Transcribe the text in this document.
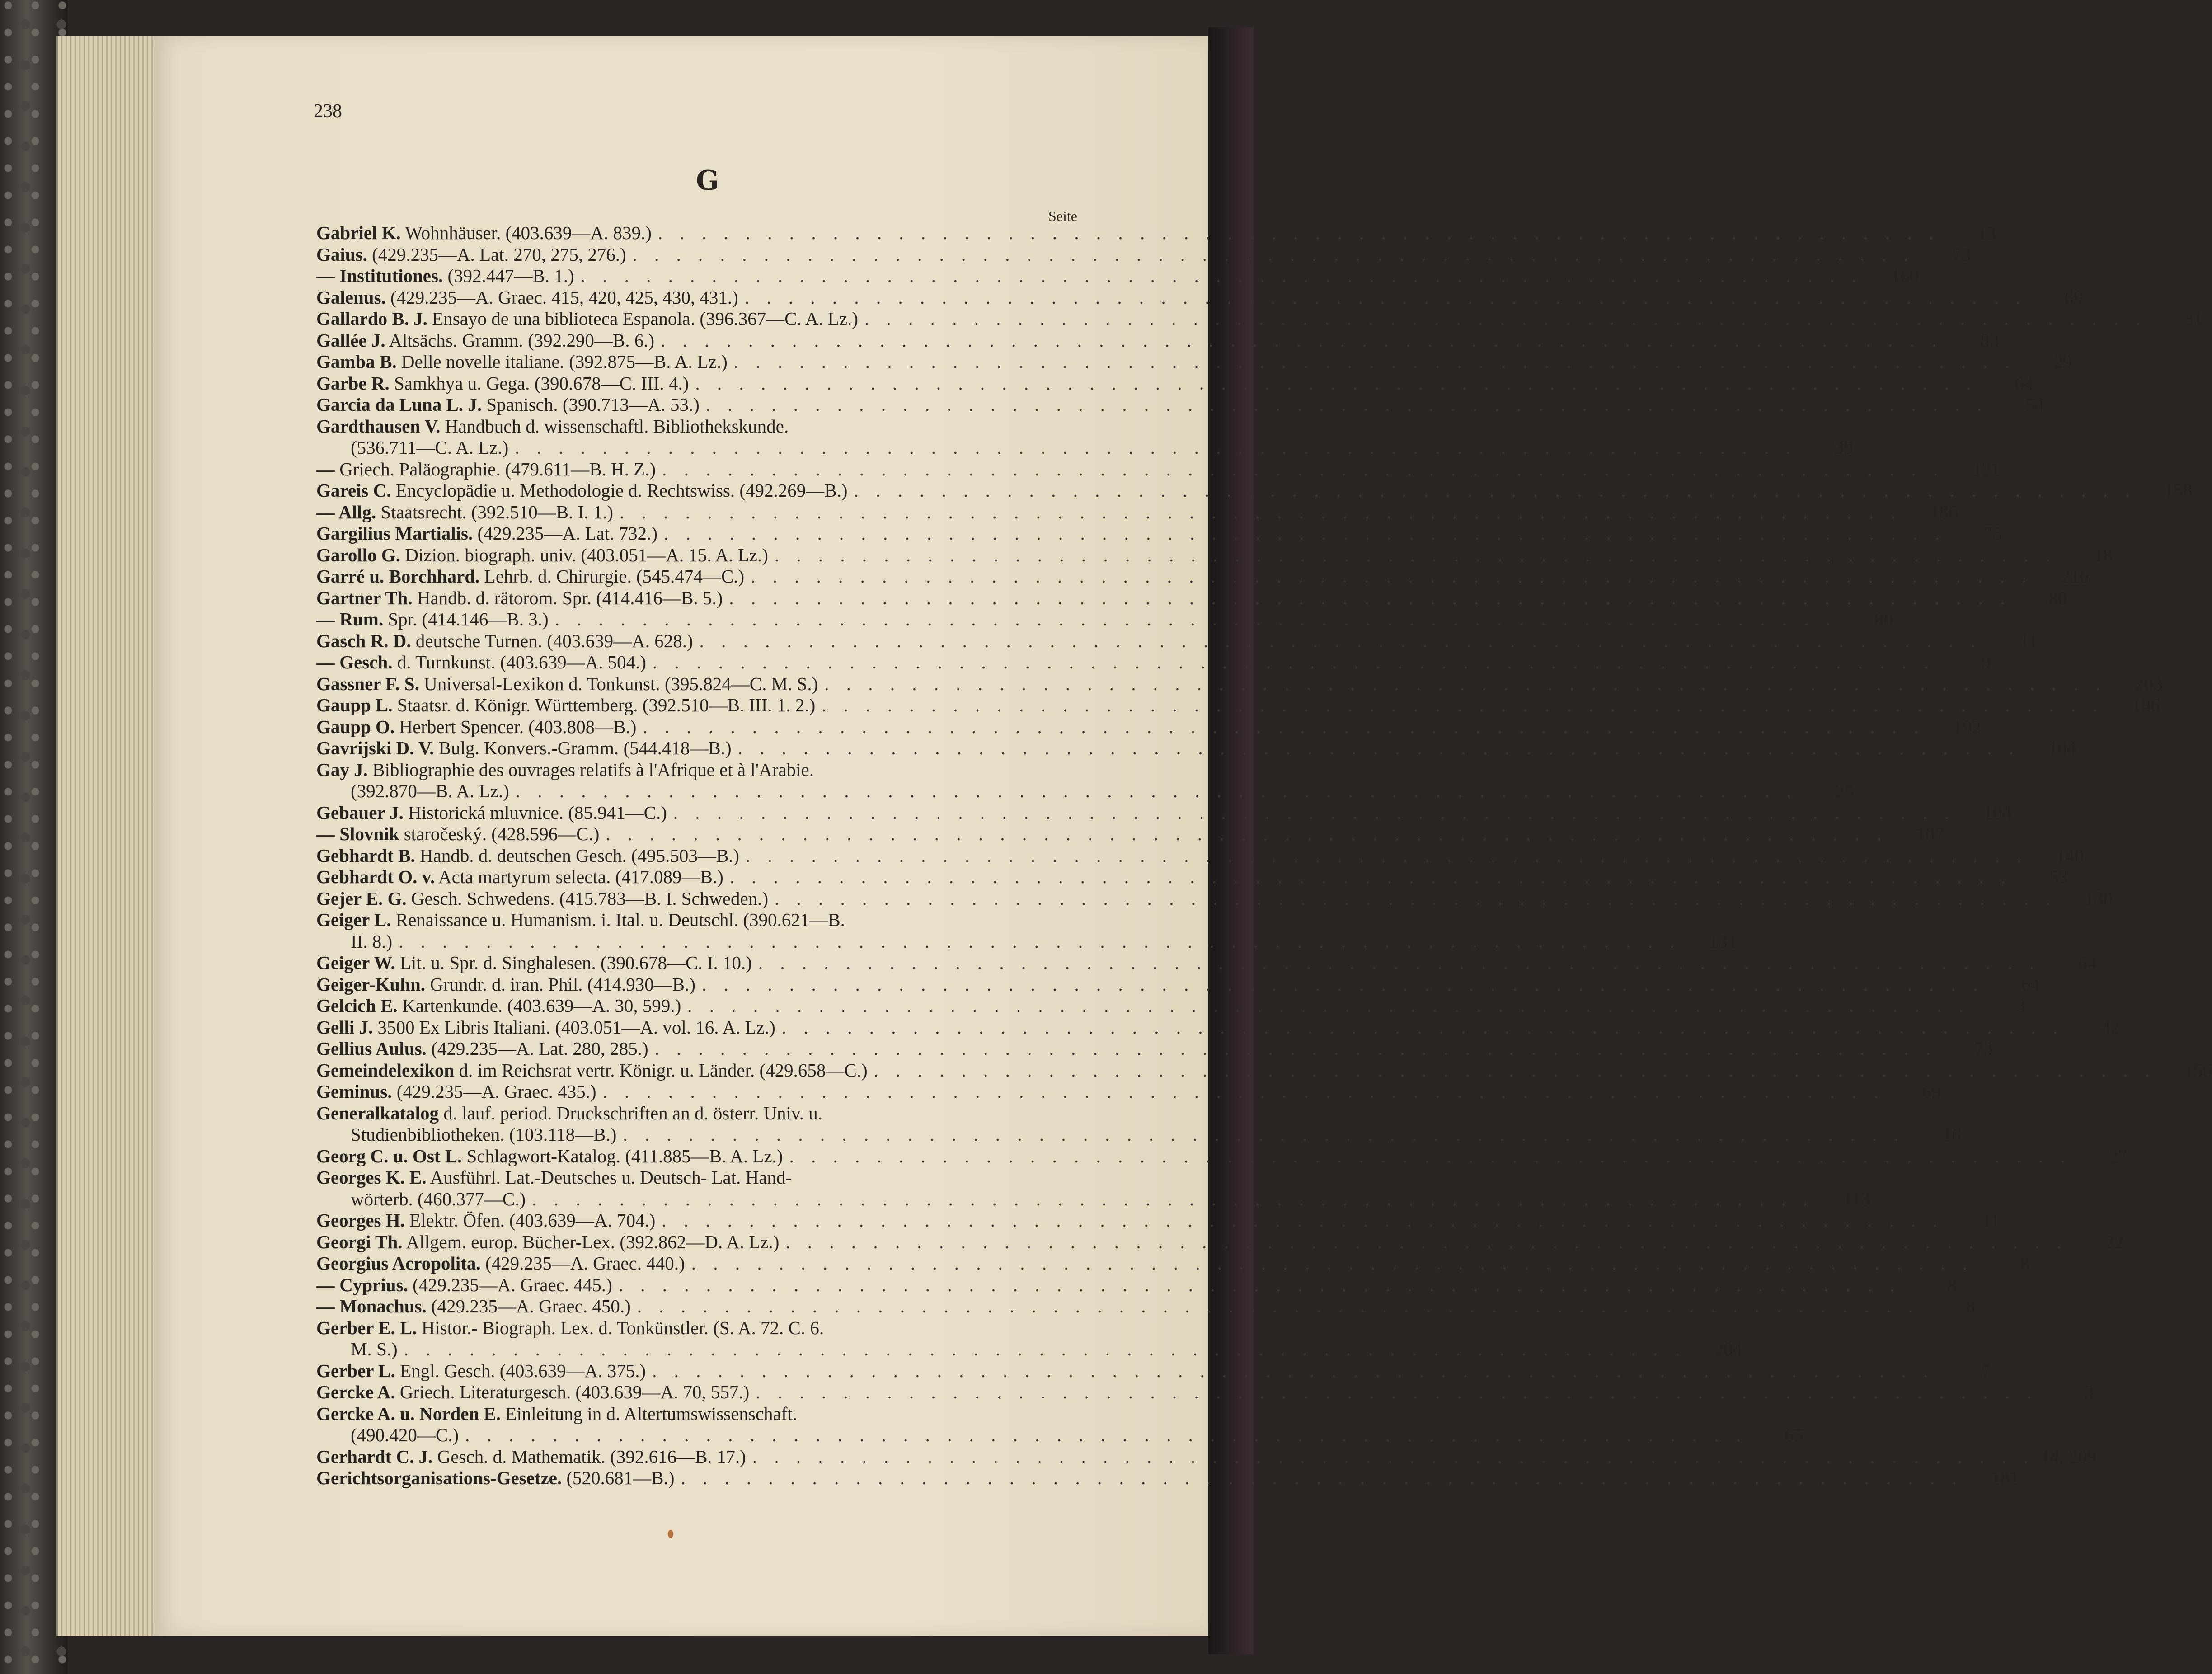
238
G
Seite
Gabriel K. Wohnhäuser. (403.639—A. 839.) . . .	13
Gaius. (429.235—A. Lat. 270, 275, 276.) . . .	73
— Institutiones. (392.447—B. 1.) . . .	160
Galenus. (429.235—A. Graec. 415, 420, 425, 430, 431.) . . .	69
Gallardo B. J. Ensayo de una biblioteca Espanola. (396.367—C. A. Lz.) . . .	31
Gallée J. Altsächs. Gramm. (392.290—B. 6.) . . .	83
Gamba B. Delle novelle italiane. (392.875—B. A. Lz.) . . .	29
Garbe R. Samkhya u. Gega. (390.678—C. III. 4.) . . .	64
Garcia da Luna L. J. Spanisch. (390.713—A. 53.) . . .	54
Gardthausen V. Handbuch d. wissenschaftl. Bibliothekskunde.
(536.711—C. A. Lz.) . . .	39
— Griech. Paläographie. (479.611—B. H. Z.) . . .	121
Gareis C. Encyclopädie u. Methodologie d. Rechtswiss. (492.269—B.) . . .	158
— Allg. Staatsrecht. (392.510—B. I. 1.) . . .	186
Gargilius Martialis. (429.235—A. Lat. 732.) . . .	75
Garollo G. Dizion. biograph. univ. (403.051—A. 15. A. Lz.) . . .	18
Garré u. Borchhard. Lehrb. d. Chirurgie. (545.474—C.) . . .	216
Gartner Th. Handb. d. rätorom. Spr. (414.416—B. 5.) . . .	80
— Rum. Spr. (414.146—B. 3.) . . .	80
Gasch R. D. deutsche Turnen. (403.639—A. 628.) . . .	11
— Gesch. d. Turnkunst. (403.639—A. 504.) . . .	9
Gassner F. S. Universal-Lexikon d. Tonkunst. (395.824—C. M. S.) . . .	203
Gaupp L. Staatsr. d. Königr. Württemberg. (392.510—B. III. 1. 2.) . . .	186
Gaupp O. Herbert Spencer. (403.808—B.) . . .	192
Gavrijski D. V. Bulg. Konvers.-Gramm. (544.418—B.) . . .	104
Gay J. Bibliographie des ouvrages relatifs à l'Afrique et à l'Arabie.
(392.870—B. A. Lz.) . . .	25
Gebauer J. Historická mluvnice. (85.941—C.) . . .	104
— Slovnik staročeský. (428.596—C.) . . .	107
Gebhardt B. Handb. d. deutschen Gesch. (495.503—B.) . . .	140
Gebhardt O. v. Acta martyrum selecta. (417.089—B.) . . .	53
Gejer E. G. Gesch. Schwedens. (415.783—B. I. Schweden.) . . .	130
Geiger L. Renaissance u. Humanism. i. Ital. u. Deutschl. (390.621—B.
II. 8.) . . .	131
Geiger W. Lit. u. Spr. d. Singhalesen. (390.678—C. I. 10.) . . .	64
Geiger-Kuhn. Grundr. d. iran. Phil. (414.930—B.) . . .	64
Gelcich E. Kartenkunde. (403.639—A. 30, 599.) . . .	3
Gelli J. 3500 Ex Libris Italiani. (403.051—A. vol. 16. A. Lz.) . . .	42
Gellius Aulus. (429.235—A. Lat. 280, 285.) . . .	73
Gemeindelexikon d. im Reichsrat vertr. Königr. u. Länder. (429.658—C.) . . .	156
Geminus. (429.235—A. Graec. 435.) . . .	69
Generalkatalog d. lauf. period. Druckschriften an d. österr. Univ. u.
Studienbibliotheken. (103.118—B.) . . .	16
Georg C. u. Ost L. Schlagwort-Katalog. (411.885—B. A. Lz.) . . .	27
Georges K. E. Ausführl. Lat.-Deutsches u. Deutsch- Lat. Hand-
wörterb. (460.377—C.) . . .	113
Georges H. Elektr. Öfen. (403.639—A. 704.) . . .	11
Georgi Th. Allgem. europ. Bücher-Lex. (392.862—D. A. Lz.) . . .	22
Georgius Acropolita. (429.235—A. Graec. 440.) . . .	8
— Cyprius. (429.235—A. Graec. 445.) . . .	8
— Monachus. (429.235—A. Graec. 450.) . . .	8
Gerber E. L. Histor.- Biograph. Lex. d. Tonkünstler. (S. A. 72. C. 6.
M. S.) . . .	204
Gerber L. Engl. Gesch. (403.639—A. 375.) . . .	7
Gercke A. Griech. Literaturgesch. (403.639—A. 70, 557.) . . .	3
Gercke A. u. Norden E. Einleitung in d. Altertumswissenschaft.
(490.420—C.) . . .	65
Gerhardt C. J. Gesch. d. Mathematik. (392.616—B. 17.) . . .	14, 209
Gerichtsorganisations-Gesetze. (520.681—B.) . . .	181
